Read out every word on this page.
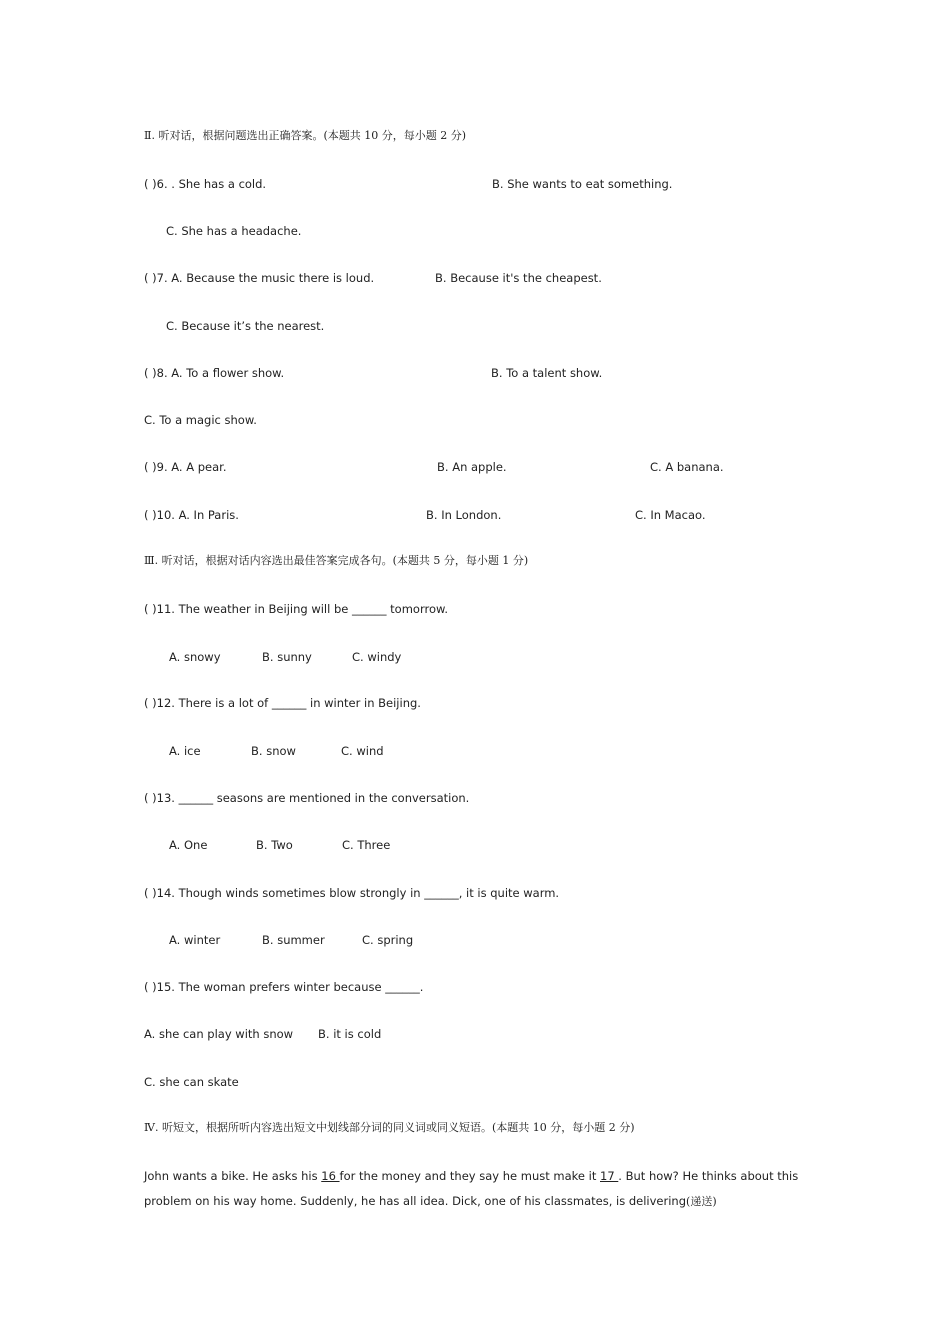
Ⅱ. 听对话，根据问题选出正确答案。(本题共 10 分，每小题 2 分)
( )6. . She has a cold.	B. She wants to eat something.
C. She has a headache.
( )7. A. Because the music there is loud.	B. Because it's the cheapest.
C. Because it’s the nearest.
( )8. A. To a flower show.	B. To a talent show.
C. To a magic show.
( )9. A. A pear.	B. An apple.	C. A banana.
( )10. A. In Paris.	B. In London.	C. In Macao.
Ⅲ. 听对话，根据对话内容选出最佳答案完成各句。(本题共 5 分，每小题 1 分)
( )11. The weather in Beijing will be ______ tomorrow.
A. snowy	B. sunny	C. windy
( )12. There is a lot of ______ in winter in Beijing.
A. ice	B. snow	C. wind
( )13. ______ seasons are mentioned in the conversation.
A. One	B. Two	C. Three
( )14. Though winds sometimes blow strongly in ______, it is quite warm.
A. winter	B. summer	C. spring
( )15. The woman prefers winter because ______.
A. she can play with snow B. it is cold
C. she can skate
Ⅳ. 听短文，根据所听内容选出短文中划线部分词的同义词或同义短语。(本题共 10 分，每小题 2 分)
John wants a bike. He asks his 16 for the money and they say he must make it 17 . But how? He thinks about this
problem on his way home. Suddenly, he has all idea. Dick, one of his classmates, is delivering(递送)
